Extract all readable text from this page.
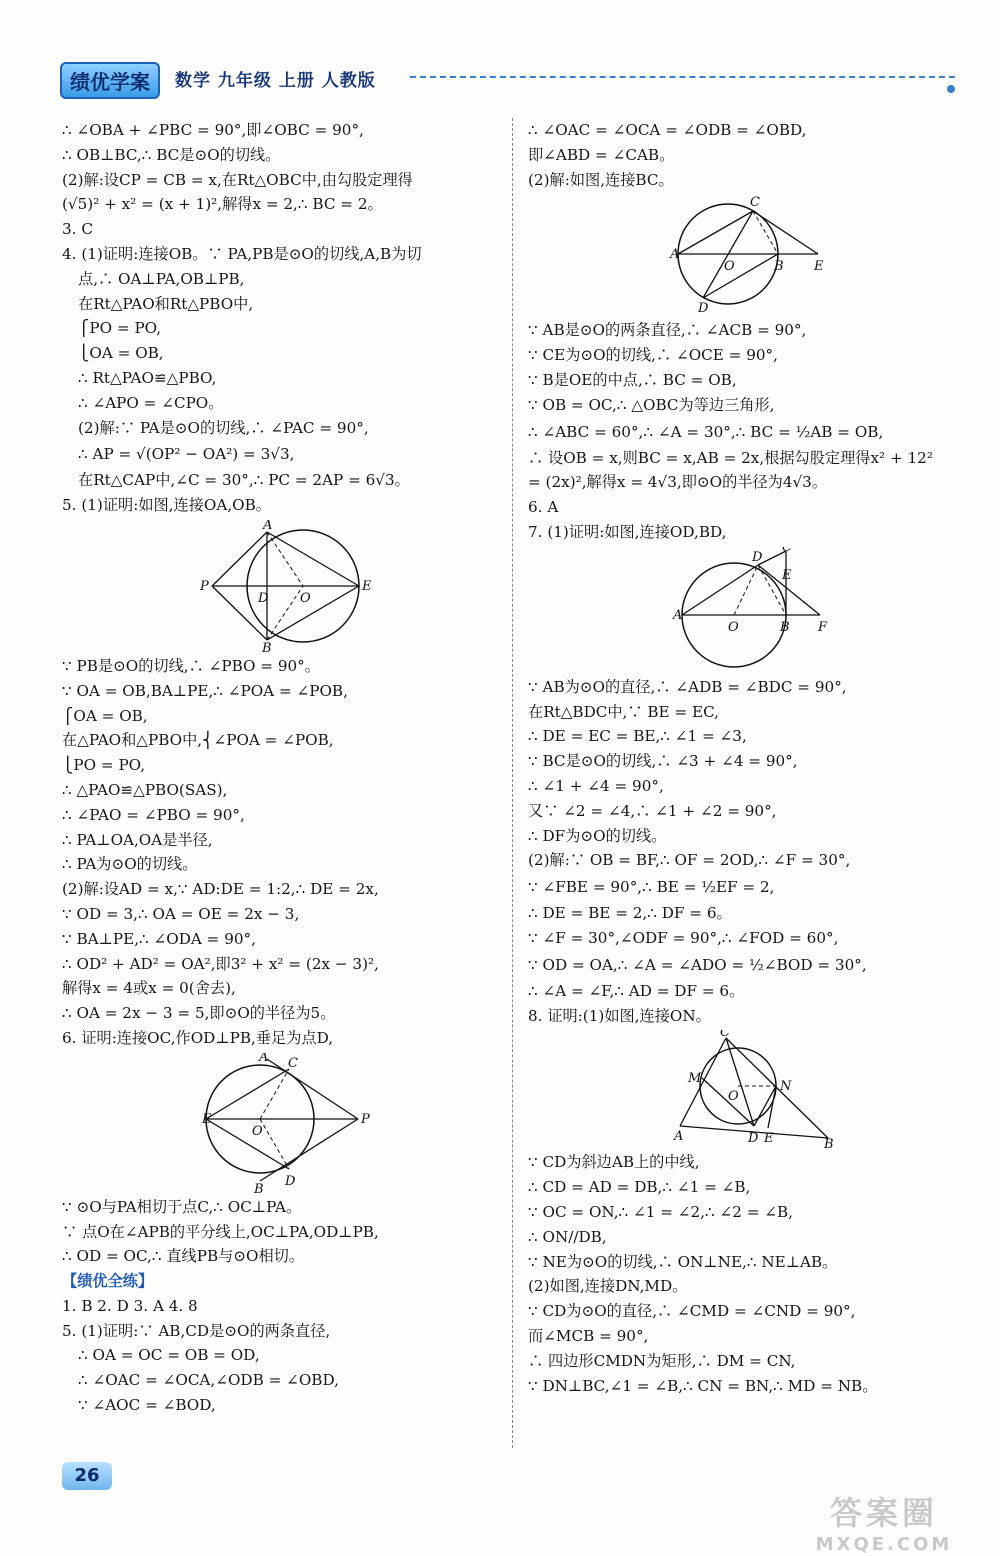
绩优学案	数学 九年级 上册 人教版
∴ ∠OBA + ∠PBC = 90°,即∠OBC = 90°,
∴ OB⊥BC,∴ BC是⊙O的切线。
(2)解:设CP = CB = x,在Rt△OBC中,由勾股定理得
(√5)² + x² = (x + 1)²,解得x = 2,∴ BC = 2。
3. C
4. (1)证明:连接OB。∵ PA,PB是⊙O的切线,A,B为切
点,∴ OA⊥PA,OB⊥PB,
在Rt△PAO和Rt△PBO中,
⎧PO = PO,
⎩OA = OB,
∴ Rt△PAO≌△PBO,
∴ ∠APO = ∠CPO。
(2)解:∵ PA是⊙O的切线,∴ ∠PAC = 90°,
∴ AP = √(OP² − OA²) = 3√3,
在Rt△CAP中,∠C = 30°,∴ PC = 2AP = 6√3。
5. (1)证明:如图,连接OA,OB。
P
A
B
E
D O
∵ PB是⊙O的切线,∴ ∠PBO = 90°。
∵ OA = OB,BA⊥PE,∴ ∠POA = ∠POB,
⎧OA = OB,
在△PAO和△PBO中,⎨∠POA = ∠POB,
⎩PO = PO,
∴ △PAO≌△PBO(SAS),
∴ ∠PAO = ∠PBO = 90°,
∴ PA⊥OA,OA是半径,
∴ PA为⊙O的切线。
(2)解:设AD = x,∵ AD:DE = 1:2,∴ DE = 2x,
∵ OD = 3,∴ OA = OE = 2x − 3,
∵ BA⊥PE,∴ ∠ODA = 90°,
∴ OD² + AD² = OA²,即3² + x² = (2x − 3)²,
解得x = 4或x = 0(舍去),
∴ OA = 2x − 3 = 5,即⊙O的半径为5。
6. 证明:连接OC,作OD⊥PB,垂足为点D,
A C
E	P
O
B
D
∵ ⊙O与PA相切于点C,∴ OC⊥PA。
∵ 点O在∠APB的平分线上,OC⊥PA,OD⊥PB,
∴ OD = OC,∴ 直线PB与⊙O相切。
【绩优全练】
1. B 2. D 3. A 4. 8
5. (1)证明:∵ AB,CD是⊙O的两条直径,
∴ OA = OC = OB = OD,
∴ ∠OAC = ∠OCA,∠ODB = ∠OBD,
∵ ∠AOC = ∠BOD,
∴ ∠OAC = ∠OCA = ∠ODB = ∠OBD,
即∠ABD = ∠CAB。
(2)解:如图,连接BC。
A
C
O	B E
D
∵ AB是⊙O的两条直径,∴ ∠ACB = 90°,
∵ CE为⊙O的切线,∴ ∠OCE = 90°,
∵ B是OE的中点,∴ BC = OB,
∵ OB = OC,∴ △OBC为等边三角形,
∴ ∠ABC = 60°,∴ ∠A = 30°,∴ BC = ½AB = OB,
∴ 设OB = x,则BC = x,AB = 2x,根据勾股定理得x² + 12²
= (2x)²,解得x = 4√3,即⊙O的半径为4√3。
6. A
7. (1)证明:如图,连接OD,BD,
A
D
C
E
O	B F
∵ AB为⊙O的直径,∴ ∠ADB = ∠BDC = 90°,
在Rt△BDC中,∵ BE = EC,
∴ DE = EC = BE,∴ ∠1 = ∠3,
∵ BC是⊙O的切线,∴ ∠3 + ∠4 = 90°,
∴ ∠1 + ∠4 = 90°,
又∵ ∠2 = ∠4,∴ ∠1 + ∠2 = 90°,
∴ DF为⊙O的切线。
(2)解:∵ OB = BF,∴ OF = 2OD,∴ ∠F = 30°,
∵ ∠FBE = 90°,∴ BE = ½EF = 2,
∴ DE = BE = 2,∴ DF = 6。
∵ ∠F = 30°,∠ODF = 90°,∴ ∠FOD = 60°,
∵ OD = OA,∴ ∠A = ∠ADO = ½∠BOD = 30°,
∴ ∠A = ∠F,∴ AD = DF = 6。
8. 证明:(1)如图,连接ON。
C
M
O
N
A	D E	B
∵ CD为斜边AB上的中线,
∴ CD = AD = DB,∴ ∠1 = ∠B,
∵ OC = ON,∴ ∠1 = ∠2,∴ ∠2 = ∠B,
∴ ON//DB,
∵ NE为⊙O的切线,∴ ON⊥NE,∴ NE⊥AB。
(2)如图,连接DN,MD。
∵ CD为⊙O的直径,∴ ∠CMD = ∠CND = 90°,
而∠MCB = 90°,
∴ 四边形CMDN为矩形,∴ DM = CN,
∵ DN⊥BC,∠1 = ∠B,∴ CN = BN,∴ MD = NB。
26
答案圈
MXQE.COM
